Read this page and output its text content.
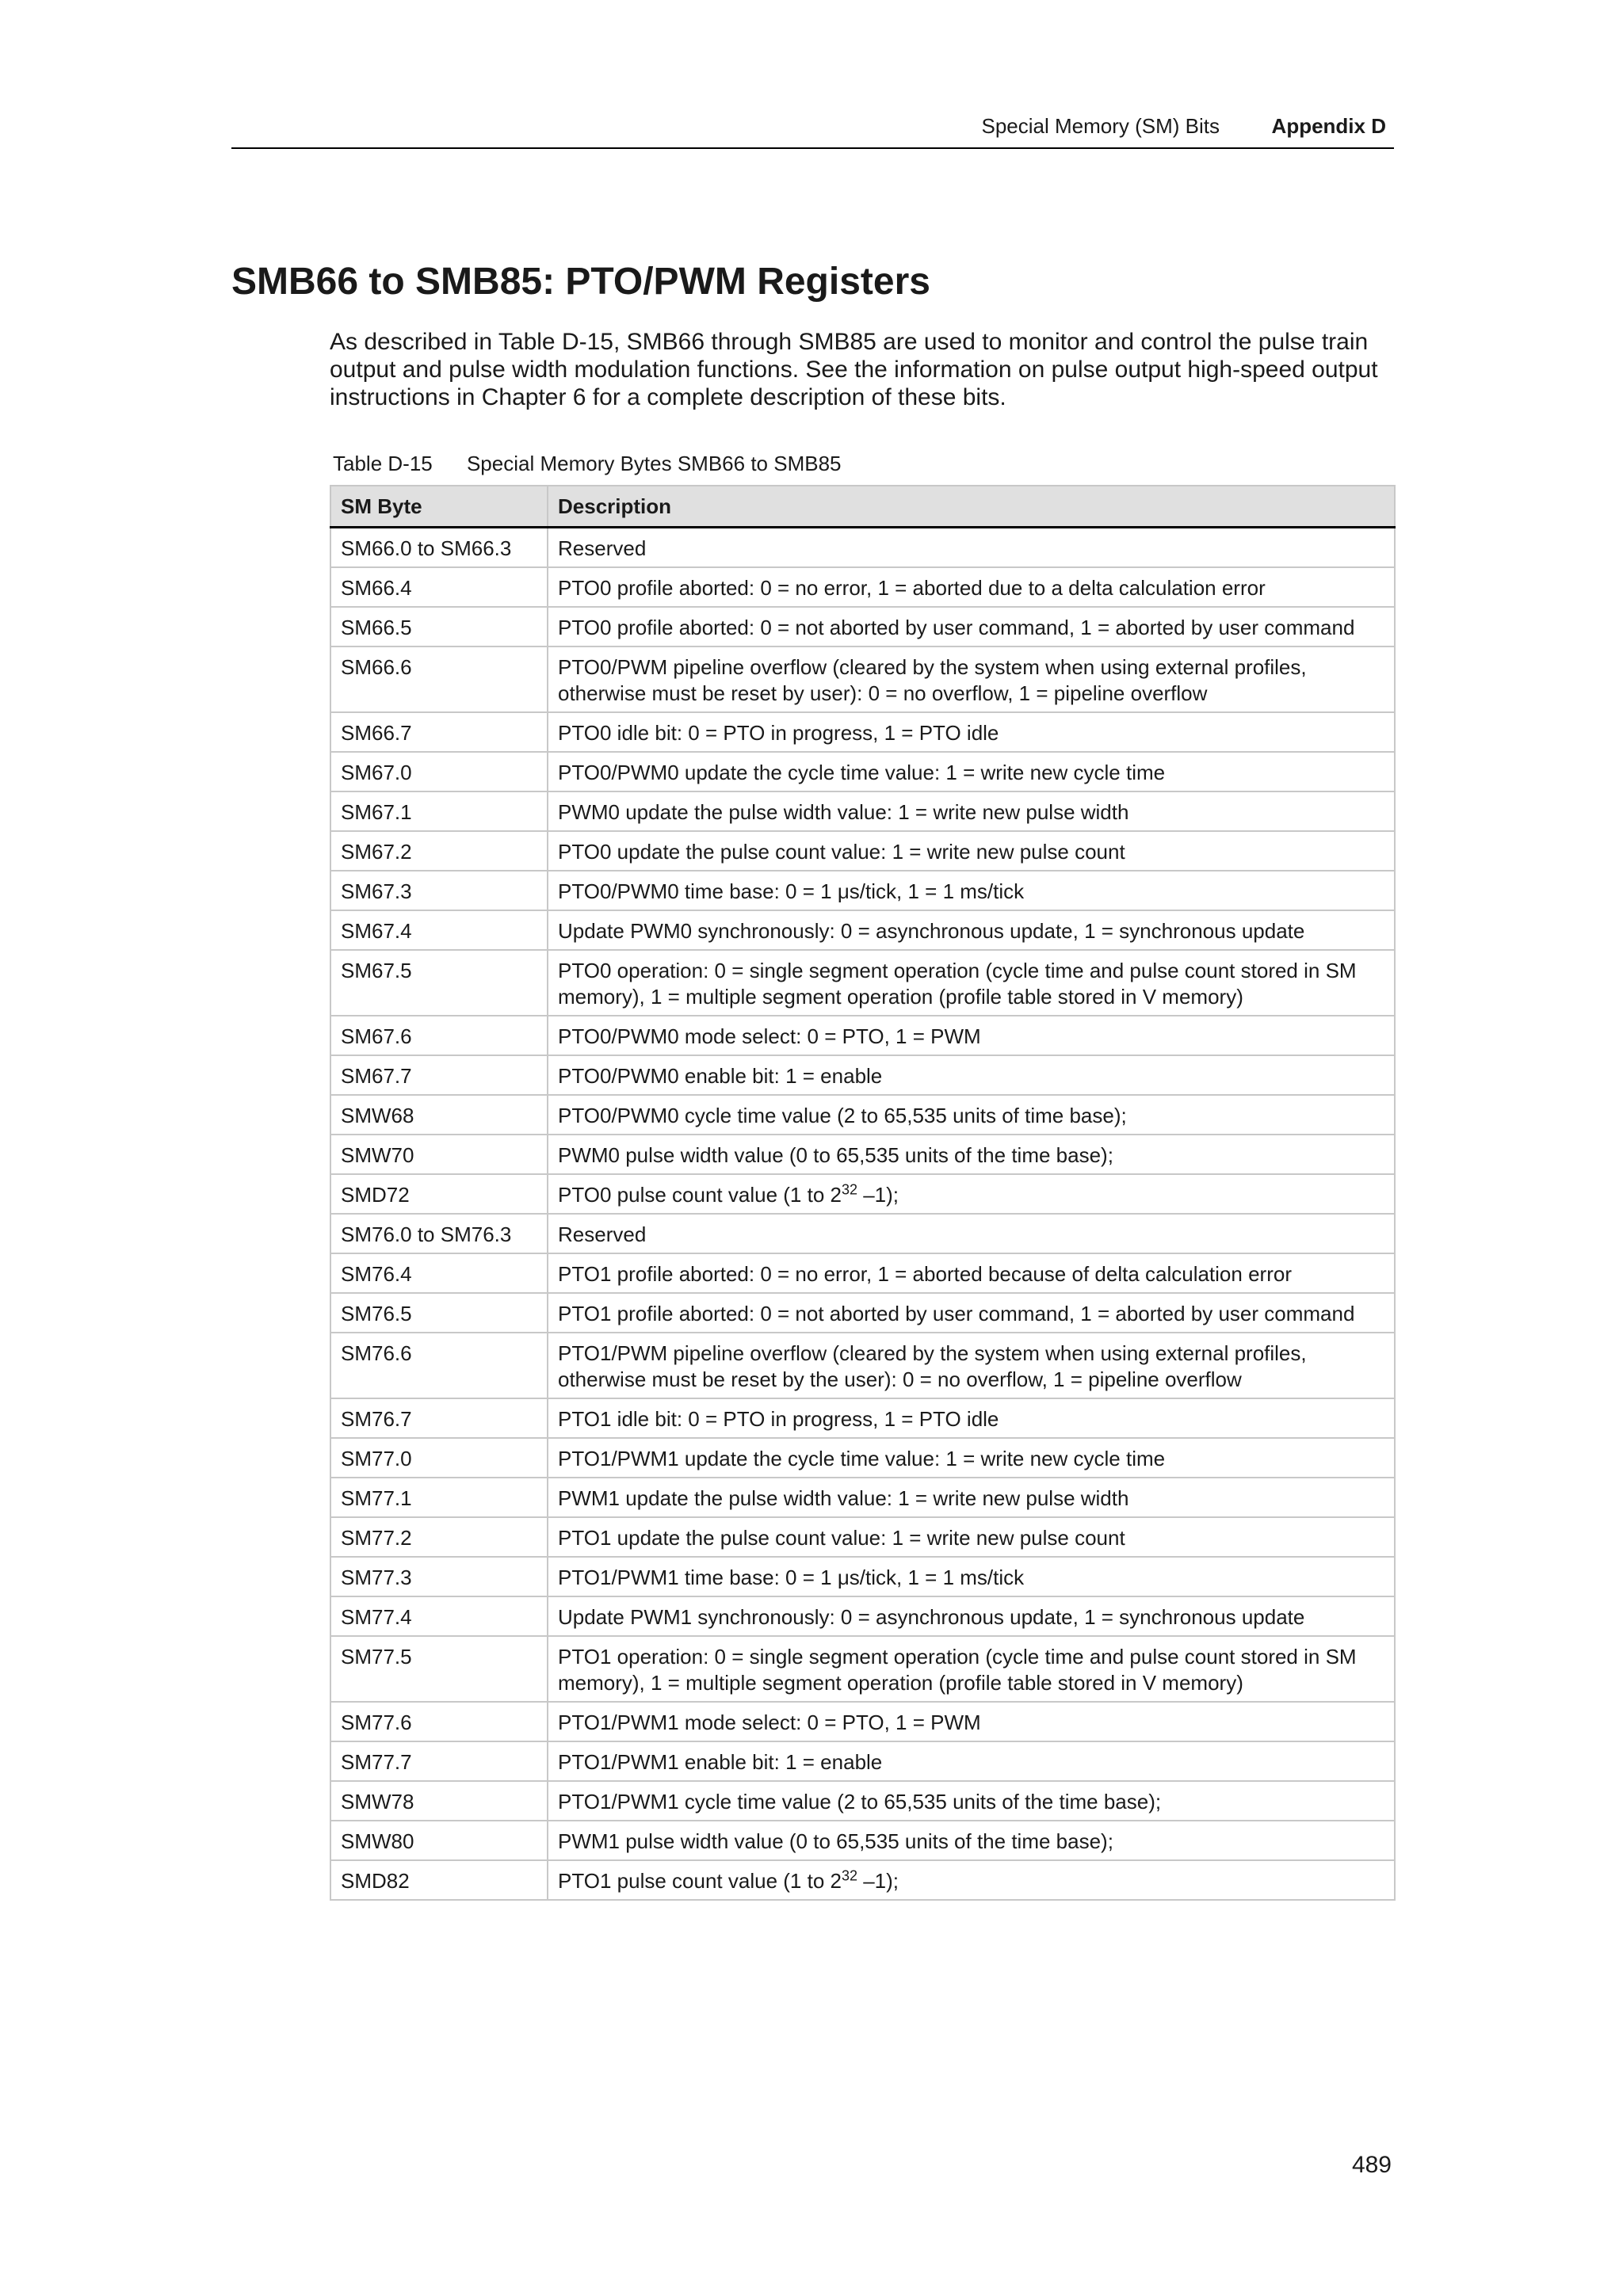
Special Memory (SM) Bits	Appendix D
SMB66 to SMB85: PTO/PWM Registers

As described in Table D-15, SMB66 through SMB85 are used to monitor and control the pulse train output and pulse width modulation functions. See the information on pulse output high-speed output instructions in Chapter 6 for a complete description of these bits.

Table D-15 Special Memory Bytes SMB66 to SMB85
SM Byte	Description
SM66.0 to SM66.3	Reserved
SM66.4	PTO0 profile aborted: 0 = no error, 1 = aborted due to a delta calculation error
SM66.5	PTO0 profile aborted: 0 = not aborted by user command, 1 = aborted by user command
SM66.6	PTO0/PWM pipeline overflow (cleared by the system when using external profiles, otherwise must be reset by user): 0 = no overflow, 1 = pipeline overflow
SM66.7	PTO0 idle bit: 0 = PTO in progress, 1 = PTO idle
SM67.0	PTO0/PWM0 update the cycle time value: 1 = write new cycle time
SM67.1	PWM0 update the pulse width value: 1 = write new pulse width
SM67.2	PTO0 update the pulse count value: 1 = write new pulse count
SM67.3	PTO0/PWM0 time base: 0 = 1 μs/tick, 1 = 1 ms/tick
SM67.4	Update PWM0 synchronously: 0 = asynchronous update, 1 = synchronous update
SM67.5	PTO0 operation: 0 = single segment operation (cycle time and pulse count stored in SM memory), 1 = multiple segment operation (profile table stored in V memory)
SM67.6	PTO0/PWM0 mode select: 0 = PTO, 1 = PWM
SM67.7	PTO0/PWM0 enable bit: 1 = enable
SMW68	PTO0/PWM0 cycle time value (2 to 65,535 units of time base);
SMW70	PWM0 pulse width value (0 to 65,535 units of the time base);
SMD72	PTO0 pulse count value (1 to $2^{32}$ –1);
SM76.0 to SM76.3	Reserved
SM76.4	PTO1 profile aborted: 0 = no error, 1 = aborted because of delta calculation error
SM76.5	PTO1 profile aborted: 0 = not aborted by user command, 1 = aborted by user command
SM76.6	PTO1/PWM pipeline overflow (cleared by the system when using external profiles, otherwise must be reset by the user): 0 = no overflow, 1 = pipeline overflow
SM76.7	PTO1 idle bit: 0 = PTO in progress, 1 = PTO idle
SM77.0	PTO1/PWM1 update the cycle time value: 1 = write new cycle time
SM77.1	PWM1 update the pulse width value: 1 = write new pulse width
SM77.2	PTO1 update the pulse count value: 1 = write new pulse count
SM77.3	PTO1/PWM1 time base: 0 = 1 μs/tick, 1 = 1 ms/tick
SM77.4	Update PWM1 synchronously: 0 = asynchronous update, 1 = synchronous update
SM77.5	PTO1 operation: 0 = single segment operation (cycle time and pulse count stored in SM memory), 1 = multiple segment operation (profile table stored in V memory)
SM77.6	PTO1/PWM1 mode select: 0 = PTO, 1 = PWM
SM77.7	PTO1/PWM1 enable bit: 1 = enable
SMW78	PTO1/PWM1 cycle time value (2 to 65,535 units of the time base);
SMW80	PWM1 pulse width value (0 to 65,535 units of the time base);
SMD82	PTO1 pulse count value (1 to $2^{32}$ –1);
489
